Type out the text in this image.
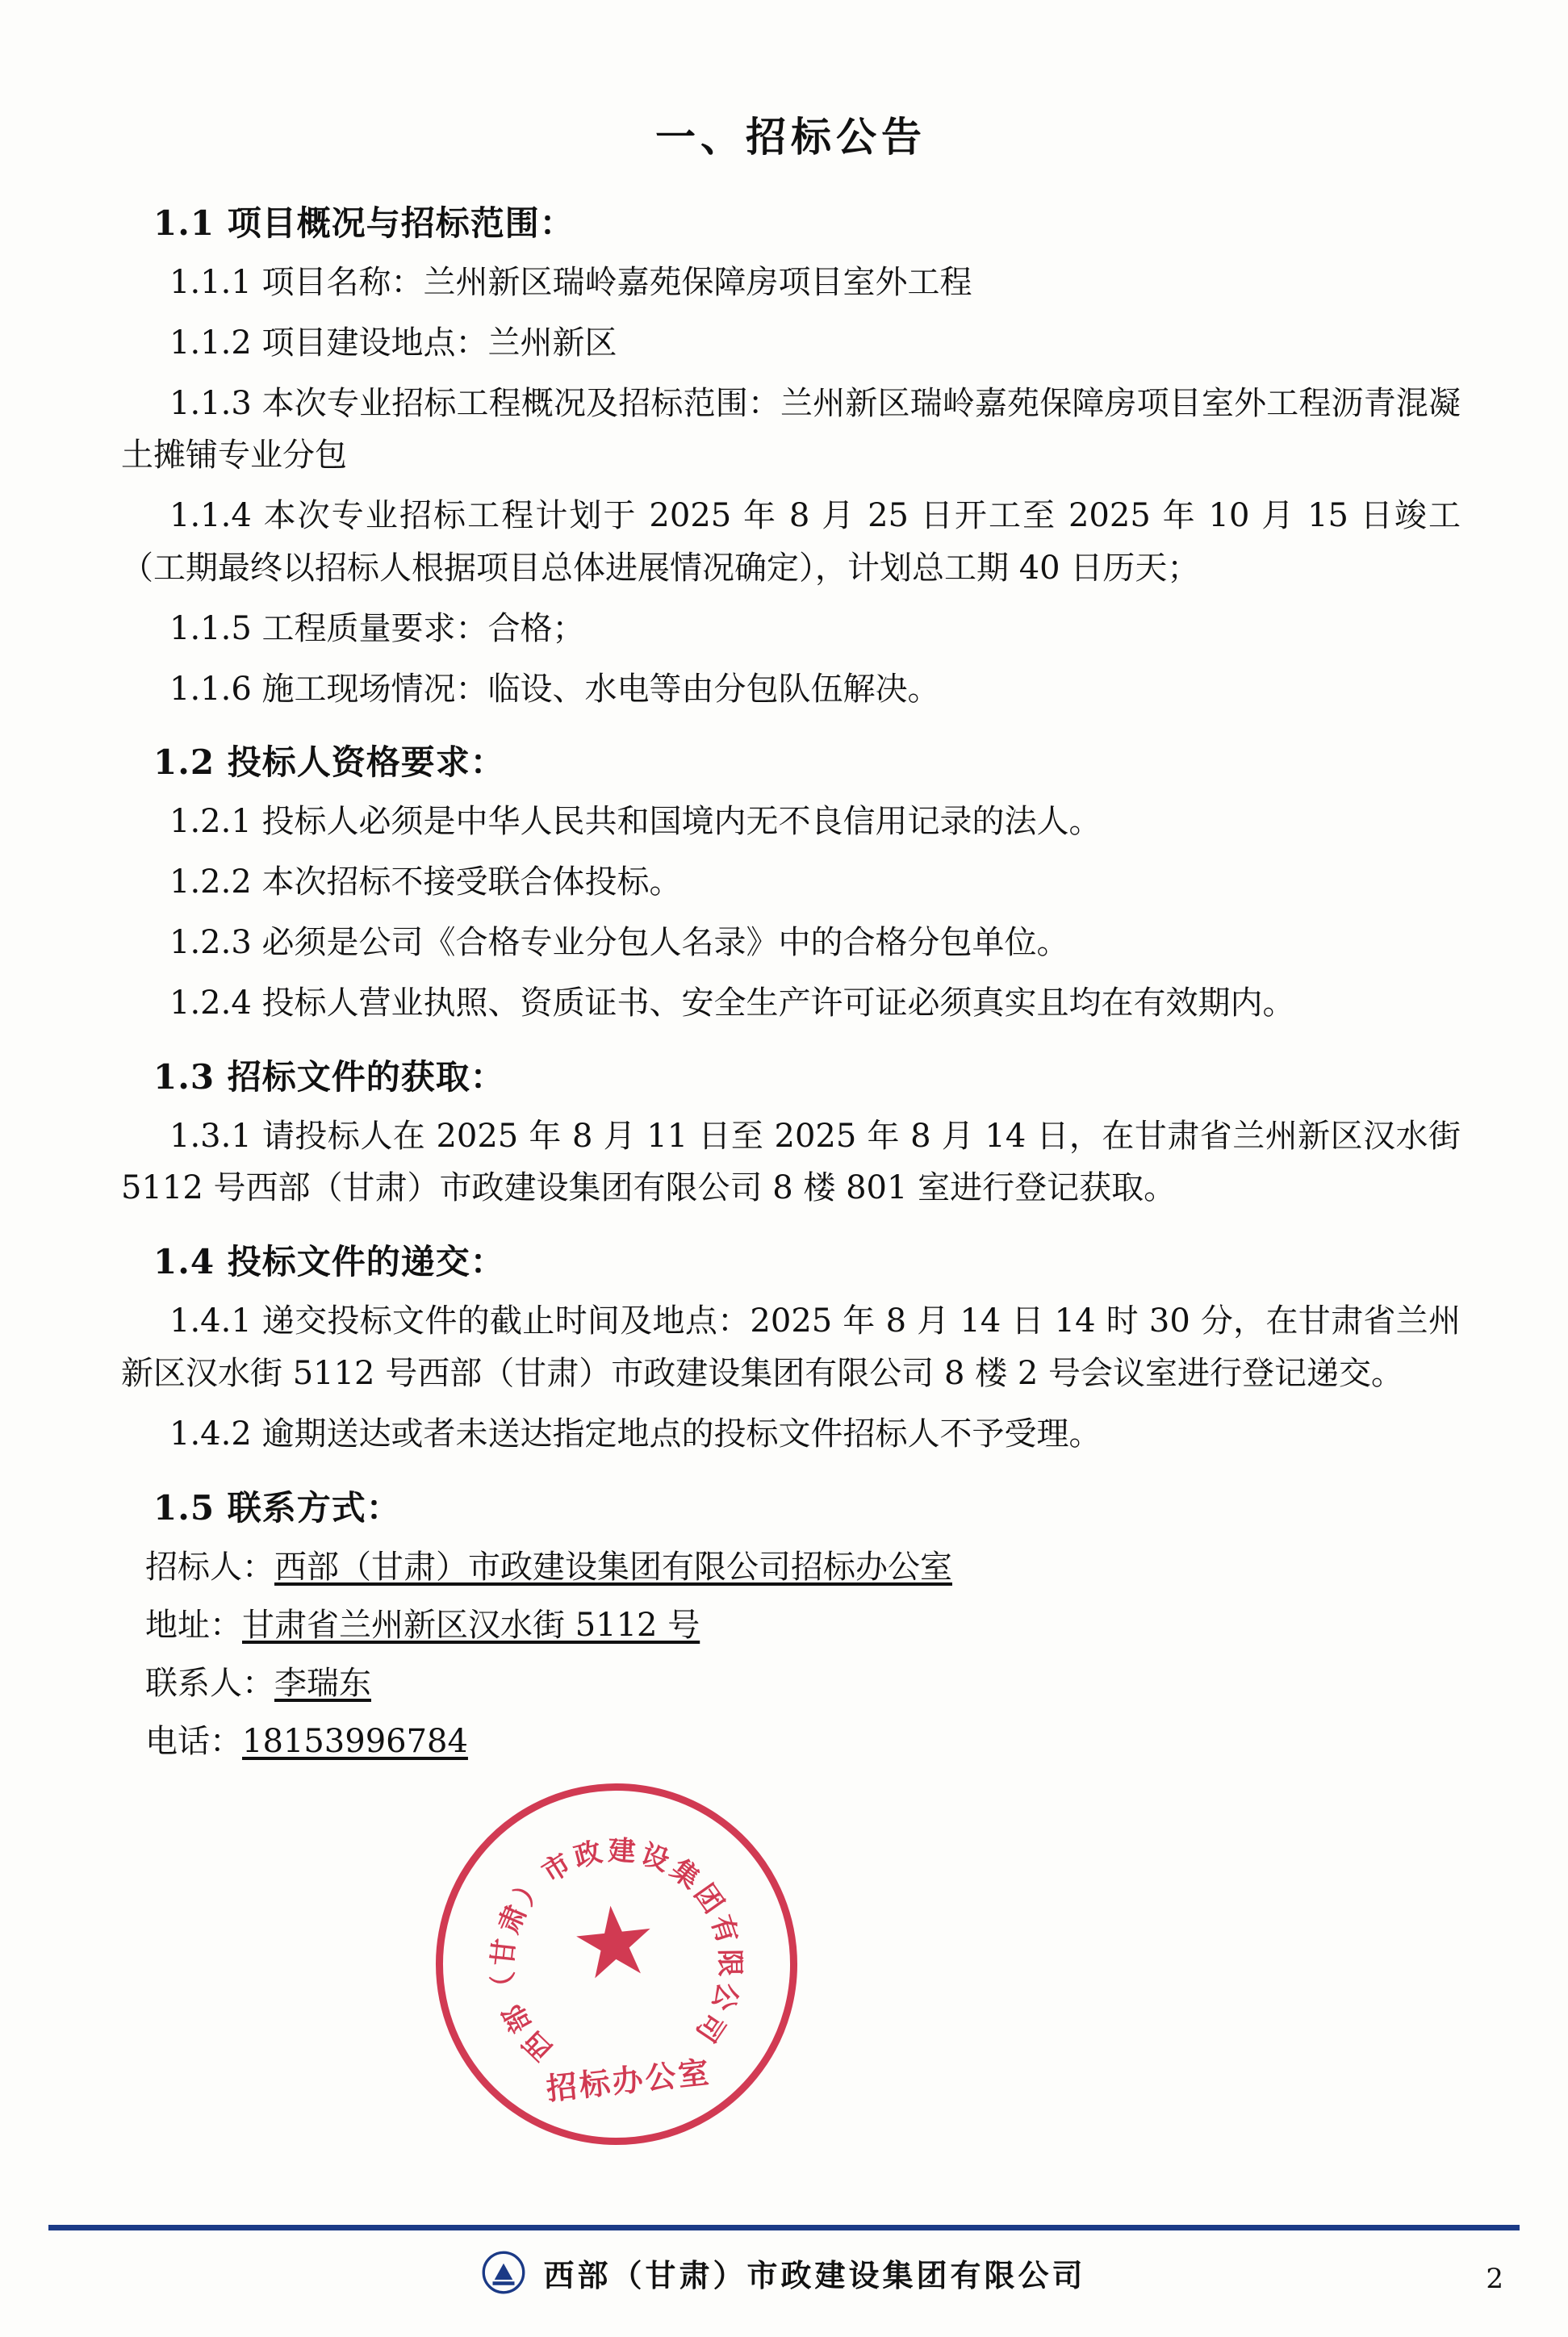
一、招标公告
1.1 项目概况与招标范围：
1.1.1 项目名称：兰州新区瑞岭嘉苑保障房项目室外工程
1.1.2 项目建设地点：兰州新区
1.1.3 本次专业招标工程概况及招标范围：兰州新区瑞岭嘉苑保障房项目室外工程沥青混凝土摊铺专业分包
1.1.4 本次专业招标工程计划于 2025 年 8 月 25 日开工至 2025 年 10 月 15 日竣工（工期最终以招标人根据项目总体进展情况确定），计划总工期 40 日历天；
1.1.5 工程质量要求：合格；
1.1.6 施工现场情况：临设、水电等由分包队伍解决。
1.2 投标人资格要求：
1.2.1 投标人必须是中华人民共和国境内无不良信用记录的法人。
1.2.2 本次招标不接受联合体投标。
1.2.3 必须是公司《合格专业分包人名录》中的合格分包单位。
1.2.4 投标人营业执照、资质证书、安全生产许可证必须真实且均在有效期内。
1.3 招标文件的获取：
1.3.1 请投标人在 2025 年 8 月 11 日至 2025 年 8 月 14 日，在甘肃省兰州新区汉水街 5112 号西部（甘肃）市政建设集团有限公司 8 楼 801 室进行登记获取。
1.4 投标文件的递交：
1.4.1 递交投标文件的截止时间及地点：2025 年 8 月 14 日 14 时 30 分，在甘肃省兰州新区汉水街 5112 号西部（甘肃）市政建设集团有限公司 8 楼 2 号会议室进行登记递交。
1.4.2 逾期送达或者未送达指定地点的投标文件招标人不予受理。
1.5 联系方式：
招标人：西部（甘肃）市政建设集团有限公司招标办公室
地址：甘肃省兰州新区汉水街 5112 号
联系人：李瑞东
电话：18153996784
西
部
（
甘
肃
）
市
政 建 设
集
团
有
限
公
司
招标办公室
西部（甘肃）市政建设集团有限公司	2
